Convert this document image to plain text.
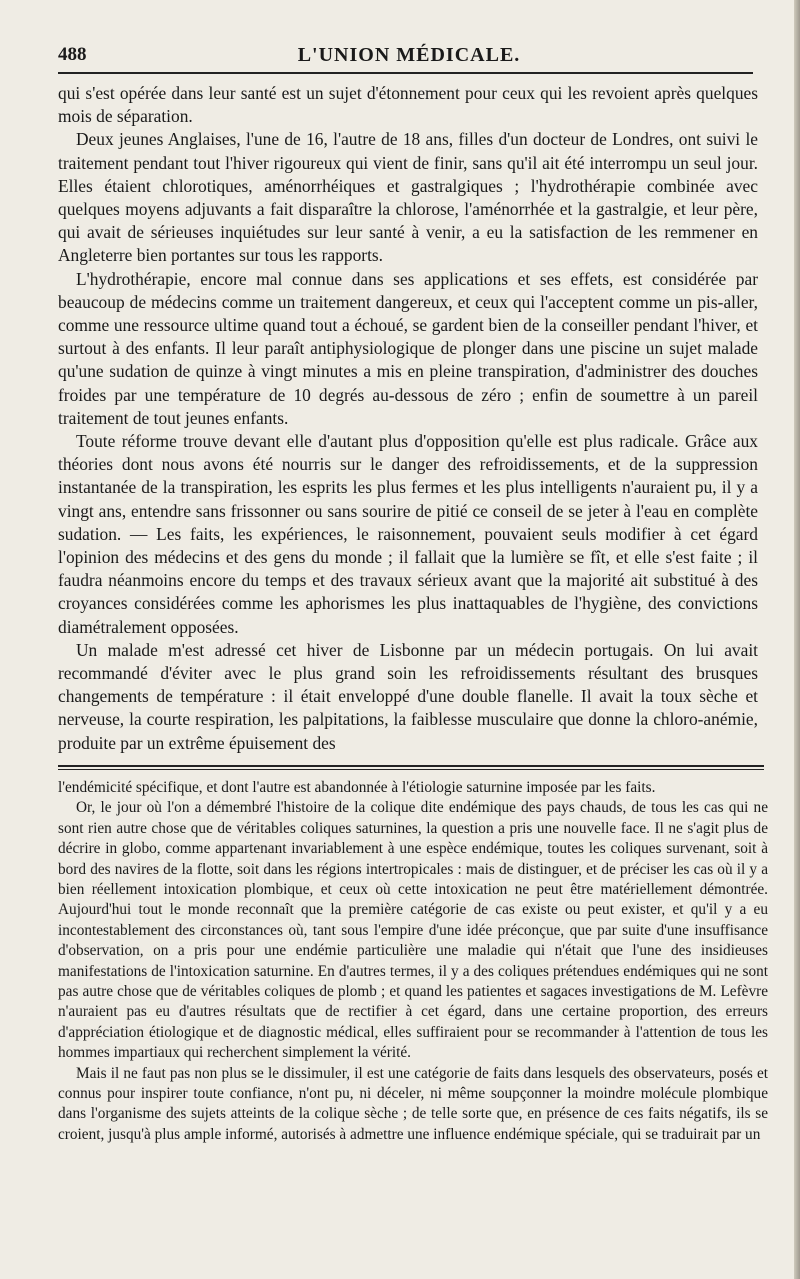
488	L'UNION MÉDICALE.

qui s'est opérée dans leur santé est un sujet d'étonnement pour ceux qui les revoient après quelques mois de séparation.

Deux jeunes Anglaises, l'une de 16, l'autre de 18 ans, filles d'un docteur de Londres, ont suivi le traitement pendant tout l'hiver rigoureux qui vient de finir, sans qu'il ait été interrompu un seul jour. Elles étaient chlorotiques, aménorrhéiques et gastralgiques ; l'hydrothérapie combinée avec quelques moyens adjuvants a fait disparaître la chlorose, l'aménorrhée et la gastralgie, et leur père, qui avait de sérieuses inquiétudes sur leur santé à venir, a eu la satisfaction de les remmener en Angleterre bien portantes sur tous les rapports.

L'hydrothérapie, encore mal connue dans ses applications et ses effets, est considérée par beaucoup de médecins comme un traitement dangereux, et ceux qui l'acceptent comme un pis-aller, comme une ressource ultime quand tout a échoué, se gardent bien de la conseiller pendant l'hiver, et surtout à des enfants. Il leur paraît antiphysiologique de plonger dans une piscine un sujet malade qu'une sudation de quinze à vingt minutes a mis en pleine transpiration, d'administrer des douches froides par une température de 10 degrés au-dessous de zéro ; enfin de soumettre à un pareil traitement de tout jeunes enfants.

Toute réforme trouve devant elle d'autant plus d'opposition qu'elle est plus radicale. Grâce aux théories dont nous avons été nourris sur le danger des refroidissements, et de la suppression instantanée de la transpiration, les esprits les plus fermes et les plus intelligents n'auraient pu, il y a vingt ans, entendre sans frissonner ou sans sourire de pitié ce conseil de se jeter à l'eau en complète sudation. — Les faits, les expériences, le raisonnement, pouvaient seuls modifier à cet égard l'opinion des médecins et des gens du monde ; il fallait que la lumière se fît, et elle s'est faite ; il faudra néanmoins encore du temps et des travaux sérieux avant que la majorité ait substitué à des croyances considérées comme les aphorismes les plus inattaquables de l'hygiène, des convictions diamétralement opposées.

Un malade m'est adressé cet hiver de Lisbonne par un médecin portugais. On lui avait recommandé d'éviter avec le plus grand soin les refroidissements résultant des brusques changements de température : il était enveloppé d'une double flanelle. Il avait la toux sèche et nerveuse, la courte respiration, les palpitations, la faiblesse musculaire que donne la chloro-anémie, produite par un extrême épuisement des

l'endémicité spécifique, et dont l'autre est abandonnée à l'étiologie saturnine imposée par les faits.

Or, le jour où l'on a démembré l'histoire de la colique dite endémique des pays chauds, de tous les cas qui ne sont rien autre chose que de véritables coliques saturnines, la question a pris une nouvelle face. Il ne s'agit plus de décrire in globo, comme appartenant invariablement à une espèce endémique, toutes les coliques survenant, soit à bord des navires de la flotte, soit dans les régions intertropicales : mais de distinguer, et de préciser les cas où il y a bien réellement intoxication plombique, et ceux où cette intoxication ne peut être matériellement démontrée. Aujourd'hui tout le monde reconnaît que la première catégorie de cas existe ou peut exister, et qu'il y a eu incontestablement des circonstances où, tant sous l'empire d'une idée préconçue, que par suite d'une insuffisance d'observation, on a pris pour une endémie particulière une maladie qui n'était que l'une des insidieuses manifestations de l'intoxication saturnine. En d'autres termes, il y a des coliques prétendues endémiques qui ne sont pas autre chose que de véritables coliques de plomb ; et quand les patientes et sagaces investigations de M. Lefèvre n'auraient pas eu d'autres résultats que de rectifier à cet égard, dans une certaine proportion, des erreurs d'appréciation étiologique et de diagnostic médical, elles suffiraient pour se recommander à l'attention de tous les hommes impartiaux qui recherchent simplement la vérité.

Mais il ne faut pas non plus se le dissimuler, il est une catégorie de faits dans lesquels des observateurs, posés et connus pour inspirer toute confiance, n'ont pu, ni déceler, ni même soupçonner la moindre molécule plombique dans l'organisme des sujets atteints de la colique sèche ; de telle sorte que, en présence de ces faits négatifs, ils se croient, jusqu'à plus ample informé, autorisés à admettre une influence endémique spéciale, qui se traduirait par un
